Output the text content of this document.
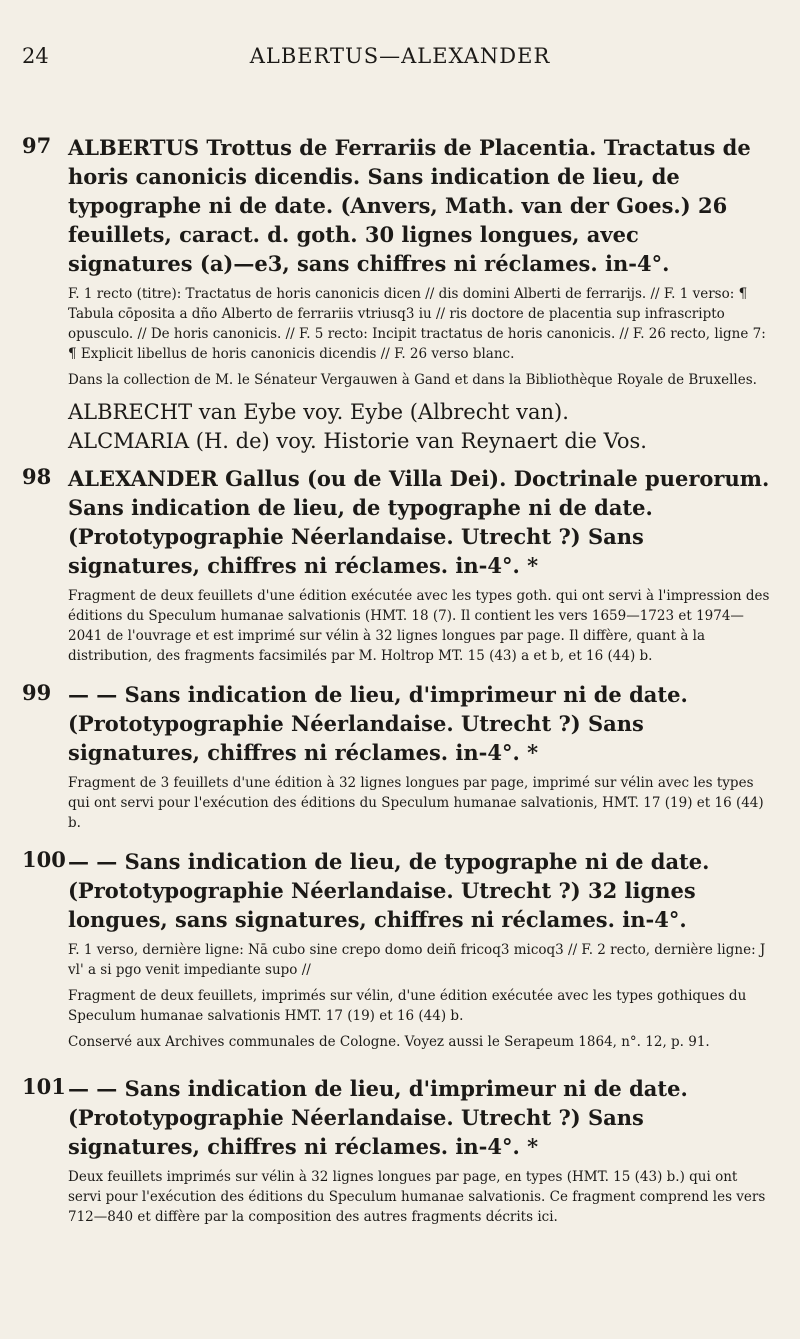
24	ALBERTUS—ALEXANDER
97 ALBERTUS Trottus de Ferrariis de Placentia. Tractatus de horis canonicis dicendis. Sans indication de lieu, de typographe ni de date. (Anvers, Math. van der Goes.) 26 feuillets, caract. d. goth. 30 lignes longues, avec signatures (a)—e3, sans chiffres ni réclames. in-4°.

F. 1 recto (titre): Tractatus de horis canonicis dicen // dis domini Alberti de ferrarijs. // F. 1 verso: ¶ Tabula cōposita a dño Alberto de ferrariis vtriusq3 iu // ris doctore de placentia sup infrascripto opusculo. // De horis canonicis. // F. 5 recto: Incipit tractatus de horis canonicis. // F. 26 recto, ligne 7: ¶ Explicit libellus de horis canonicis dicendis // F. 26 verso blanc.

Dans la collection de M. le Sénateur Vergauwen à Gand et dans la Bibliothèque Royale de Bruxelles.

ALBRECHT van Eybe voy. Eybe (Albrecht van).

ALCMARIA (H. de) voy. Historie van Reynaert die Vos.

98 ALEXANDER Gallus (ou de Villa Dei). Doctrinale puerorum. Sans indication de lieu, de typographe ni de date. (Prototypographie Néerlandaise. Utrecht ?) Sans signatures, chiffres ni réclames. in-4°. *

Fragment de deux feuillets d'une édition exécutée avec les types goth. qui ont servi à l'impression des éditions du Speculum humanae salvationis (HMT. 18 (7). Il contient les vers 1659—1723 et 1974—2041 de l'ouvrage et est imprimé sur vélin à 32 lignes longues par page. Il diffère, quant à la distribution, des fragments facsimilés par M. Holtrop MT. 15 (43) a et b, et 16 (44) b.

99 — — Sans indication de lieu, d'imprimeur ni de date. (Prototypographie Néerlandaise. Utrecht ?) Sans signatures, chiffres ni réclames. in-4°. *

Fragment de 3 feuillets d'une édition à 32 lignes longues par page, imprimé sur vélin avec les types qui ont servi pour l'exécution des éditions du Speculum humanae salvationis, HMT. 17 (19) et 16 (44) b.

100 — — Sans indication de lieu, de typographe ni de date. (Prototypographie Néerlandaise. Utrecht ?) 32 lignes longues, sans signatures, chiffres ni réclames. in-4°.

F. 1 verso, dernière ligne: Nā cubo sine crepo domo deiñ fricoq3 micoq3 // F. 2 recto, dernière ligne: J vl' a si pgo venit impediante supo //

Fragment de deux feuillets, imprimés sur vélin, d'une édition exécutée avec les types gothiques du Speculum humanae salvationis HMT. 17 (19) et 16 (44) b.

Conservé aux Archives communales de Cologne. Voyez aussi le Serapeum 1864, n°. 12, p. 91.

101 — — Sans indication de lieu, d'imprimeur ni de date. (Prototypographie Néerlandaise. Utrecht ?) Sans signatures, chiffres ni réclames. in-4°. *

Deux feuillets imprimés sur vélin à 32 lignes longues par page, en types (HMT. 15 (43) b.) qui ont servi pour l'exécution des éditions du Speculum humanae salvationis. Ce fragment comprend les vers 712—840 et diffère par la composition des autres fragments décrits ici.
